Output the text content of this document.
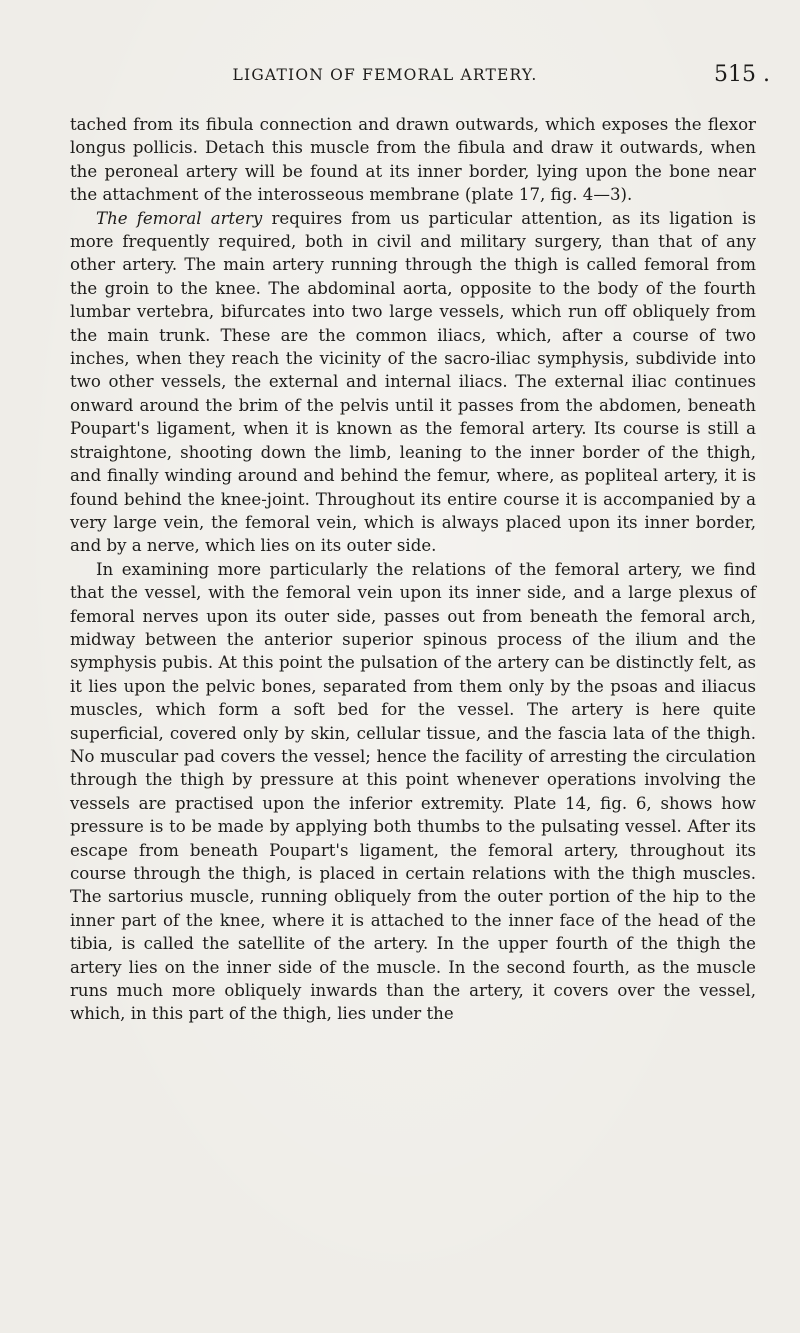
LIGATION OF FEMORAL ARTERY.	515 .

tached from its fibula connection and drawn outwards, which exposes the flexor longus pollicis. Detach this muscle from the fibula and draw it outwards, when the peroneal artery will be found at its inner border, lying upon the bone near the attachment of the interosseous membrane (plate 17, fig. 4—3).

The femoral artery requires from us particular attention, as its ligation is more frequently required, both in civil and military surgery, than that of any other artery. The main artery running through the thigh is called femoral from the groin to the knee. The abdominal aorta, opposite to the body of the fourth lumbar vertebra, bifurcates into two large vessels, which run off obliquely from the main trunk. These are the common iliacs, which, after a course of two inches, when they reach the vicinity of the sacro-iliac symphysis, subdivide into two other vessels, the external and internal iliacs. The external iliac continues onward around the brim of the pelvis until it passes from the abdomen, beneath Poupart's ligament, when it is known as the femoral artery. Its course is still a straightone, shooting down the limb, leaning to the inner border of the thigh, and finally winding around and behind the femur, where, as popliteal artery, it is found behind the knee-joint. Throughout its entire course it is accompanied by a very large vein, the femoral vein, which is always placed upon its inner border, and by a nerve, which lies on its outer side.

In examining more particularly the relations of the femoral artery, we find that the vessel, with the femoral vein upon its inner side, and a large plexus of femoral nerves upon its outer side, passes out from beneath the femoral arch, midway between the anterior superior spinous process of the ilium and the symphysis pubis. At this point the pulsation of the artery can be distinctly felt, as it lies upon the pelvic bones, separated from them only by the psoas and iliacus muscles, which form a soft bed for the vessel. The artery is here quite superficial, covered only by skin, cellular tissue, and the fascia lata of the thigh. No muscular pad covers the vessel; hence the facility of arresting the circulation through the thigh by pressure at this point whenever operations involving the vessels are practised upon the inferior extremity. Plate 14, fig. 6, shows how pressure is to be made by applying both thumbs to the pulsating vessel. After its escape from beneath Poupart's ligament, the femoral artery, throughout its course through the thigh, is placed in certain relations with the thigh muscles. The sartorius muscle, running obliquely from the outer portion of the hip to the inner part of the knee, where it is attached to the inner face of the head of the tibia, is called the satellite of the artery. In the upper fourth of the thigh the artery lies on the inner side of the muscle. In the second fourth, as the muscle runs much more obliquely inwards than the artery, it covers over the vessel, which, in this part of the thigh, lies under the
